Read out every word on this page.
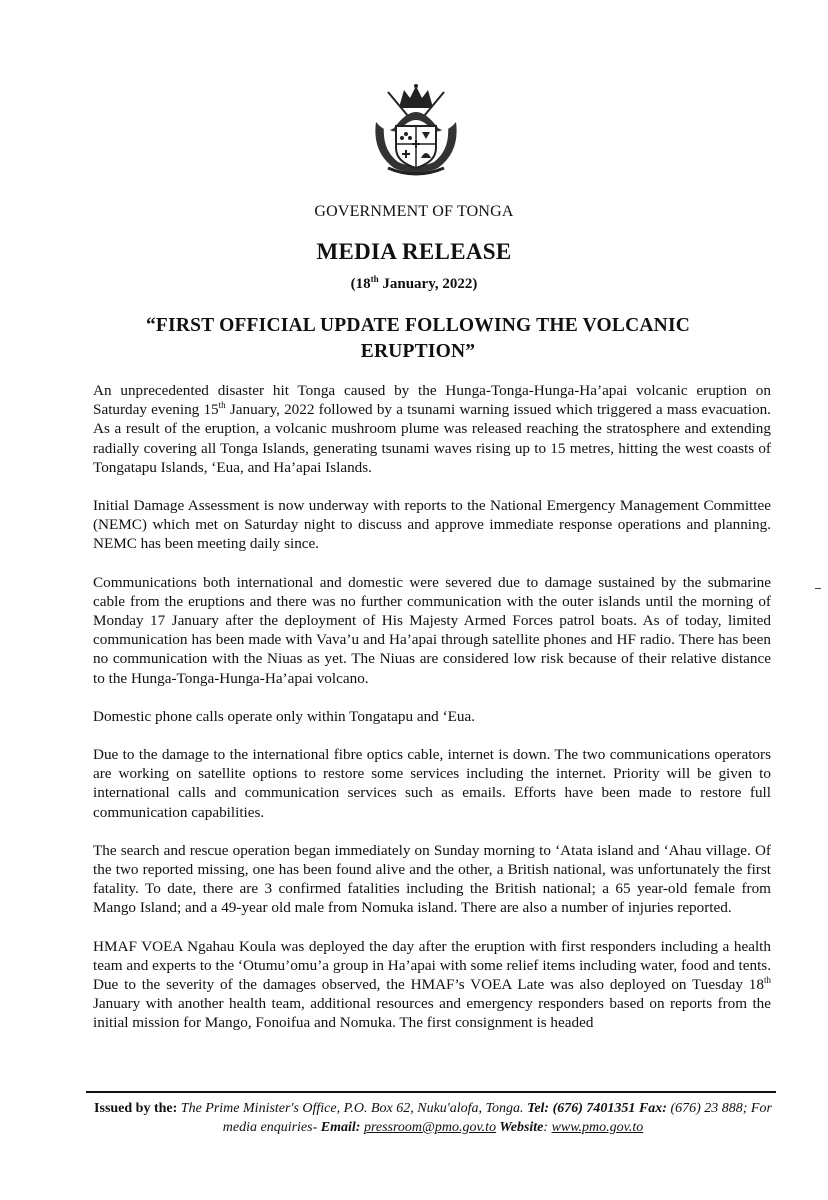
GOVERNMENT OF TONGA
MEDIA RELEASE
(18th January, 2022)
“FIRST OFFICIAL UPDATE FOLLOWING THE VOLCANIC ERUPTION”

An unprecedented disaster hit Tonga caused by the Hunga-Tonga-Hunga-Ha’apai volcanic eruption on Saturday evening 15th January, 2022 followed by a tsunami warning issued which triggered a mass evacuation. As a result of the eruption, a volcanic mushroom plume was released reaching the stratosphere and extending radially covering all Tonga Islands, generating tsunami waves rising up to 15 metres, hitting the west coasts of Tongatapu Islands, ‘Eua, and Ha’apai Islands.

Initial Damage Assessment is now underway with reports to the National Emergency Management Committee (NEMC) which met on Saturday night to discuss and approve immediate response operations and planning. NEMC has been meeting daily since.

Communications both international and domestic were severed due to damage sustained by the submarine cable from the eruptions and there was no further communication with the outer islands until the morning of Monday 17 January after the deployment of His Majesty Armed Forces patrol boats. As of today, limited communication has been made with Vava’u and Ha’apai through satellite phones and HF radio. There has been no communication with the Niuas as yet. The Niuas are considered low risk because of their relative distance to the Hunga-Tonga-Hunga-Ha’apai volcano.

Domestic phone calls operate only within Tongatapu and ‘Eua.

Due to the damage to the international fibre optics cable, internet is down. The two communications operators are working on satellite options to restore some services including the internet. Priority will be given to international calls and communication services such as emails. Efforts have been made to restore full communication capabilities.

The search and rescue operation began immediately on Sunday morning to ‘Atata island and ‘Ahau village. Of the two reported missing, one has been found alive and the other, a British national, was unfortunately the first fatality. To date, there are 3 confirmed fatalities including the British national; a 65 year-old female from Mango Island; and a 49-year old male from Nomuka island. There are also a number of injuries reported.

HMAF VOEA Ngahau Koula was deployed the day after the eruption with first responders including a health team and experts to the ‘Otumu’omu’a group in Ha’apai with some relief items including water, food and tents. Due to the severity of the damages observed, the HMAF’s VOEA Late was also deployed on Tuesday 18th January with another health team, additional resources and emergency responders based on reports from the initial mission for Mango, Fonoifua and Nomuka. The first consignment is headed

Issued by the: The Prime Minister's Office, P.O. Box 62, Nuku'alofa, Tonga. Tel: (676) 7401351 Fax: (676) 23 888; For media enquiries- Email: pressroom@pmo.gov.to Website: www.pmo.gov.to
